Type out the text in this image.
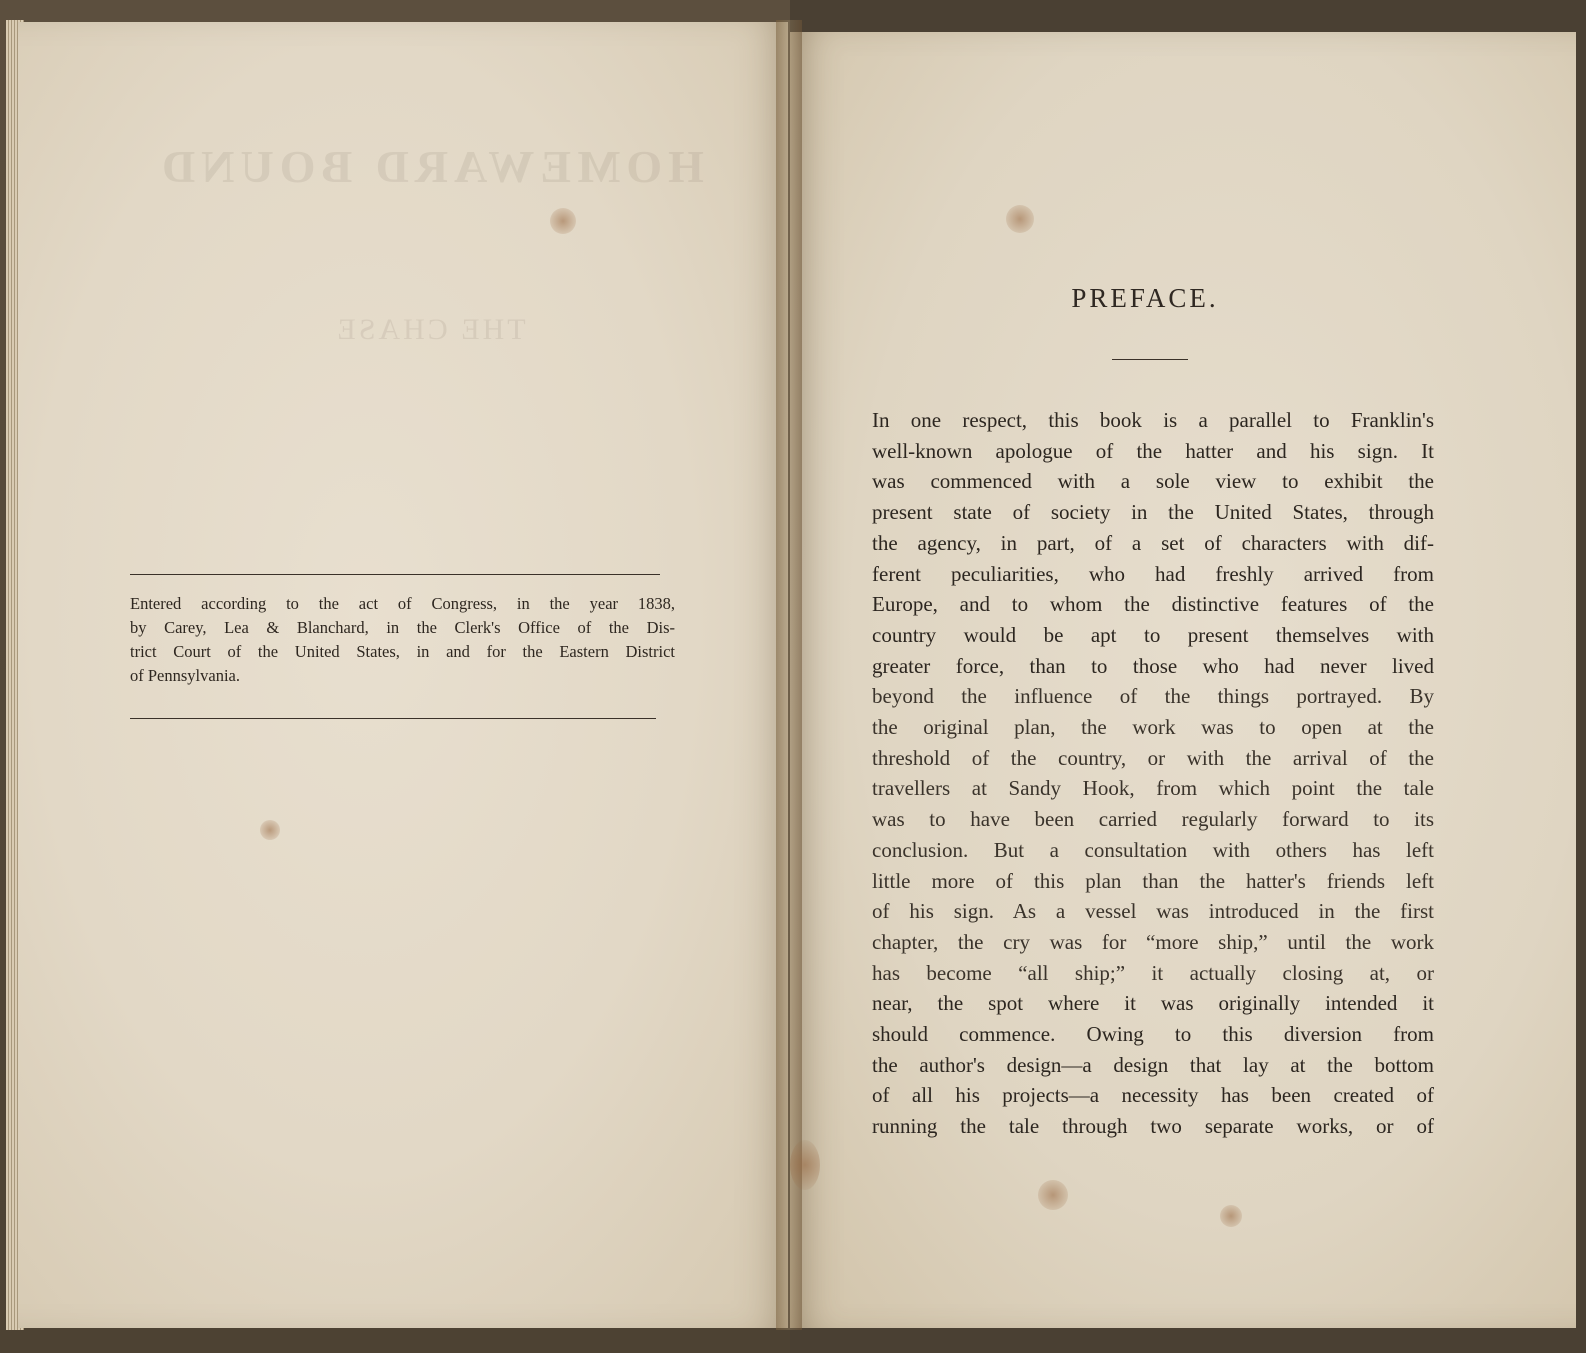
HOMEWARD BOUND
THE CHASE
Entered according to the act of Congress, in the year 1838,
by Carey, Lea & Blanchard, in the Clerk's Office of the Dis-
trict Court of the United States, in and for the Eastern District
of Pennsylvania.
PREFACE.
In one respect, this book is a parallel to Franklin's
well-known apologue of the hatter and his sign. It
was commenced with a sole view to exhibit the
present state of society in the United States, through
the agency, in part, of a set of characters with dif-
ferent peculiarities, who had freshly arrived from
Europe, and to whom the distinctive features of the
country would be apt to present themselves with
greater force, than to those who had never lived
beyond the influence of the things portrayed. By
the original plan, the work was to open at the
threshold of the country, or with the arrival of the
travellers at Sandy Hook, from which point the tale
was to have been carried regularly forward to its
conclusion. But a consultation with others has left
little more of this plan than the hatter's friends left
of his sign. As a vessel was introduced in the first
chapter, the cry was for “more ship,” until the work
has become “all ship;” it actually closing at, or
near, the spot where it was originally intended it
should commence. Owing to this diversion from
the author's design—a design that lay at the bottom
of all his projects—a necessity has been created of
running the tale through two separate works, or of
